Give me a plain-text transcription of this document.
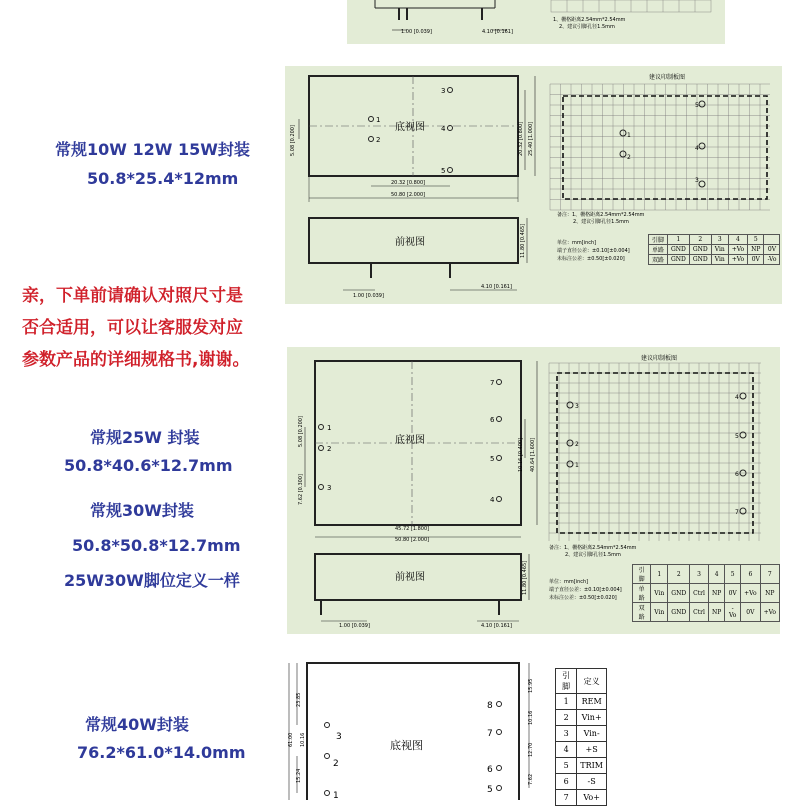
常规10W 12W 15W封装
50.8*25.4*12mm
亲，下单前请确认对照尺寸是
否合适用，可以让客服发对应
参数产品的详细规格书,谢谢。
常规25W 封装
50.8*40.6*12.7mm
常规30W封装
50.8*50.8*12.7mm
25W30W脚位定义一样
常规40W封装
76.2*61.0*14.0mm
1.00 [0.039]	4.10 [0.161]
1、栅格距离2.54mm*2.54mm
2、建议引脚孔径1.5mm
底视图
1
2
3
4
5
20.32 [0.800]
50.80 [2.000]
5.08 [0.200]	20.32 [0.800] 25.40 [1.000]
前视图	11.80 [0.465]
1.00 [0.039]
4.10 [0.161]
建议印制板图
1
2
3
4
5
备注：1、栅格距离2.54mm*2.54mm
2、建议引脚孔径1.5mm
单位：mm[inch]
端子直径公差：±0.10[±0.004]
未标注公差：±0.50[±0.020]
引脚	1	2	3	4	5	
单路	GND	GND	Vin	+Vo	NP	0V
双路	GND	GND	Vin	+Vo	0V	-Vo
底视图
1
2
3
7
6
5
4
45.72 [1.800]
50.80 [2.000]
5.08 [0.200]
7.62 [0.300]
10.16 [0.400] 40.64 [1.600]
前视图	11.80 [0.465]
1.00 [0.039]	4.10 [0.161]
建议印制板图
3
2
1
4
5
6
7
备注：1、栅格距离2.54mm*2.54mm
2、建议引脚孔径1.5mm
单位：mm[inch]
端子直径公差：±0.10[±0.004]
未标注公差：±0.50[±0.020]
引脚	1	2	3	4	5	6	7
单路	Vin	GND	Ctrl	NP	0V	+Vo	NP
双路	Vin	GND	Ctrl	NP	-Vo	0V	+Vo
底视图
3
2
1
8
7
6
5
23.85
61.00 10.16
15.24
15.95
10.16
12.70
7.62
引脚	定义
1	REM
2	Vin+
3	Vin-
4	+S
5	TRIM
6	-S
7	Vo+
